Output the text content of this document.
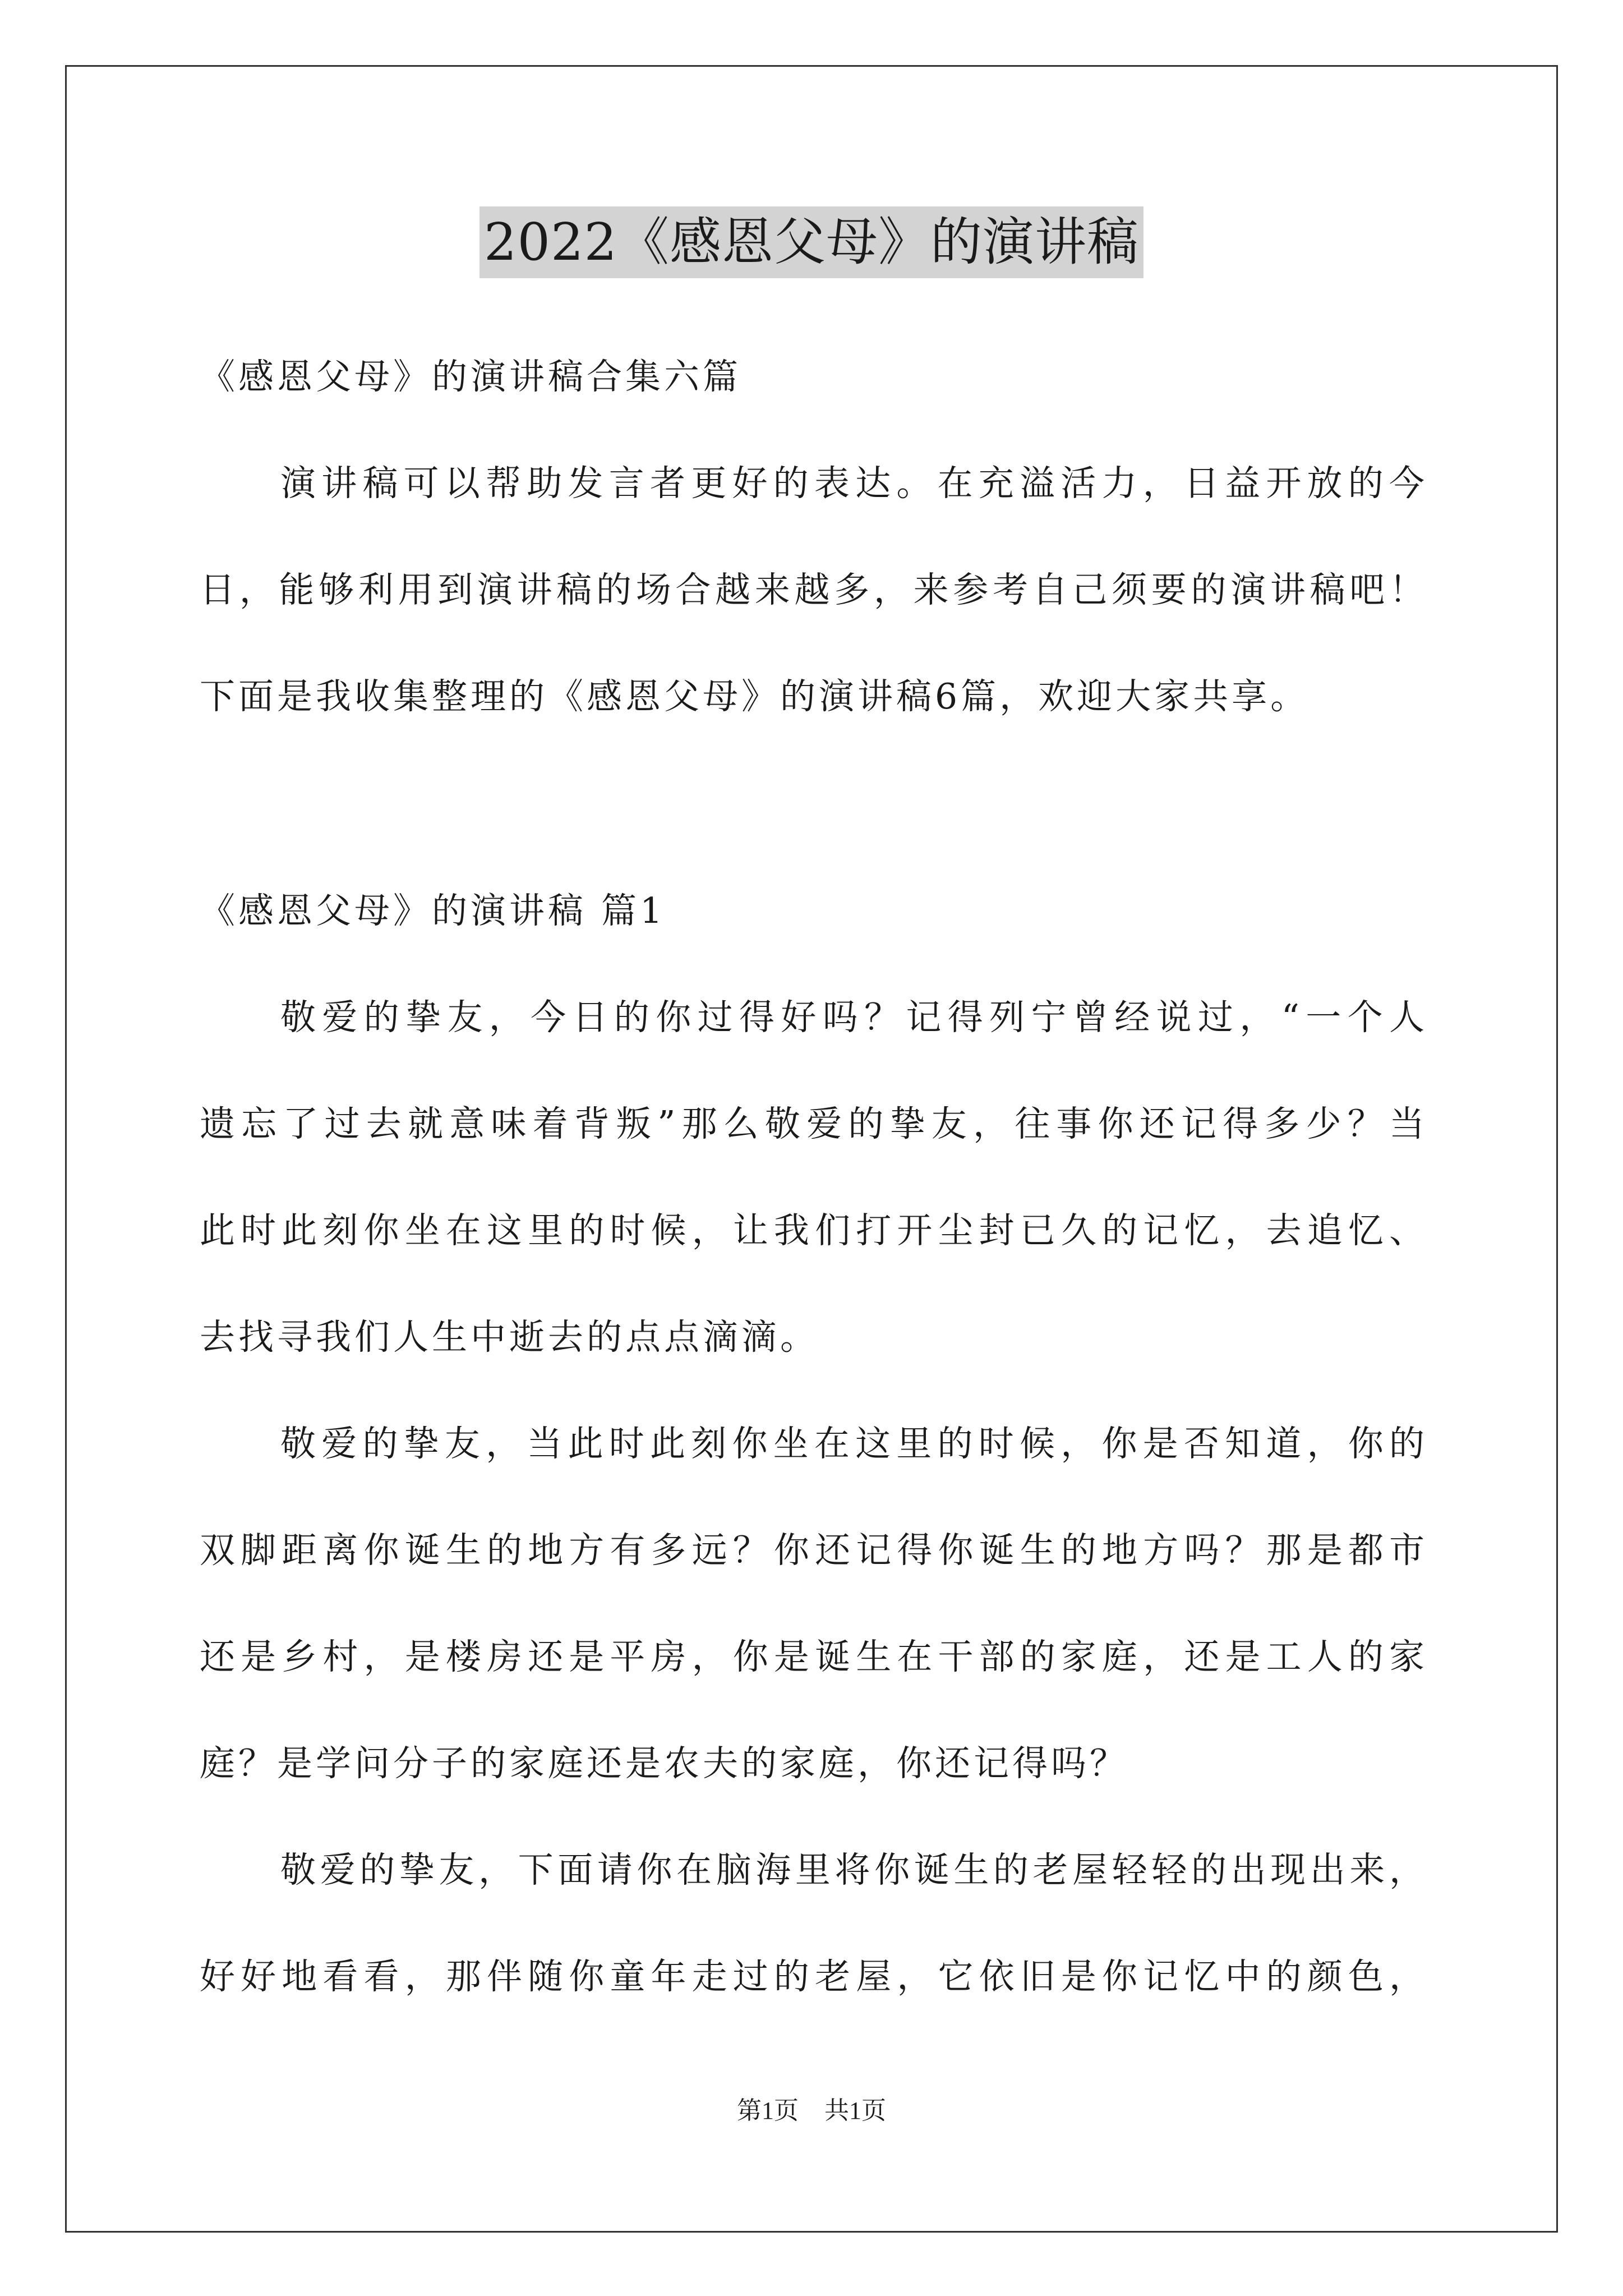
2022《感恩父母》的演讲稿
《感恩父母》的演讲稿合集六篇
演讲稿可以帮助发言者更好的表达。在充溢活力，日益开放的今
日，能够利用到演讲稿的场合越来越多，来参考自己须要的演讲稿吧！
下面是我收集整理的《感恩父母》的演讲稿6篇，欢迎大家共享。
《感恩父母》的演讲稿 篇1
敬爱的挚友，今日的你过得好吗？记得列宁曾经说过，“一个人
遗忘了过去就意味着背叛”那么敬爱的挚友，往事你还记得多少？当
此时此刻你坐在这里的时候，让我们打开尘封已久的记忆，去追忆、
去找寻我们人生中逝去的点点滴滴。
敬爱的挚友，当此时此刻你坐在这里的时候，你是否知道，你的
双脚距离你诞生的地方有多远？你还记得你诞生的地方吗？那是都市
还是乡村，是楼房还是平房，你是诞生在干部的家庭，还是工人的家
庭？是学问分子的家庭还是农夫的家庭，你还记得吗？
敬爱的挚友，下面请你在脑海里将你诞生的老屋轻轻的出现出来，
好好地看看，那伴随你童年走过的老屋，它依旧是你记忆中的颜色，
第1页 共1页
